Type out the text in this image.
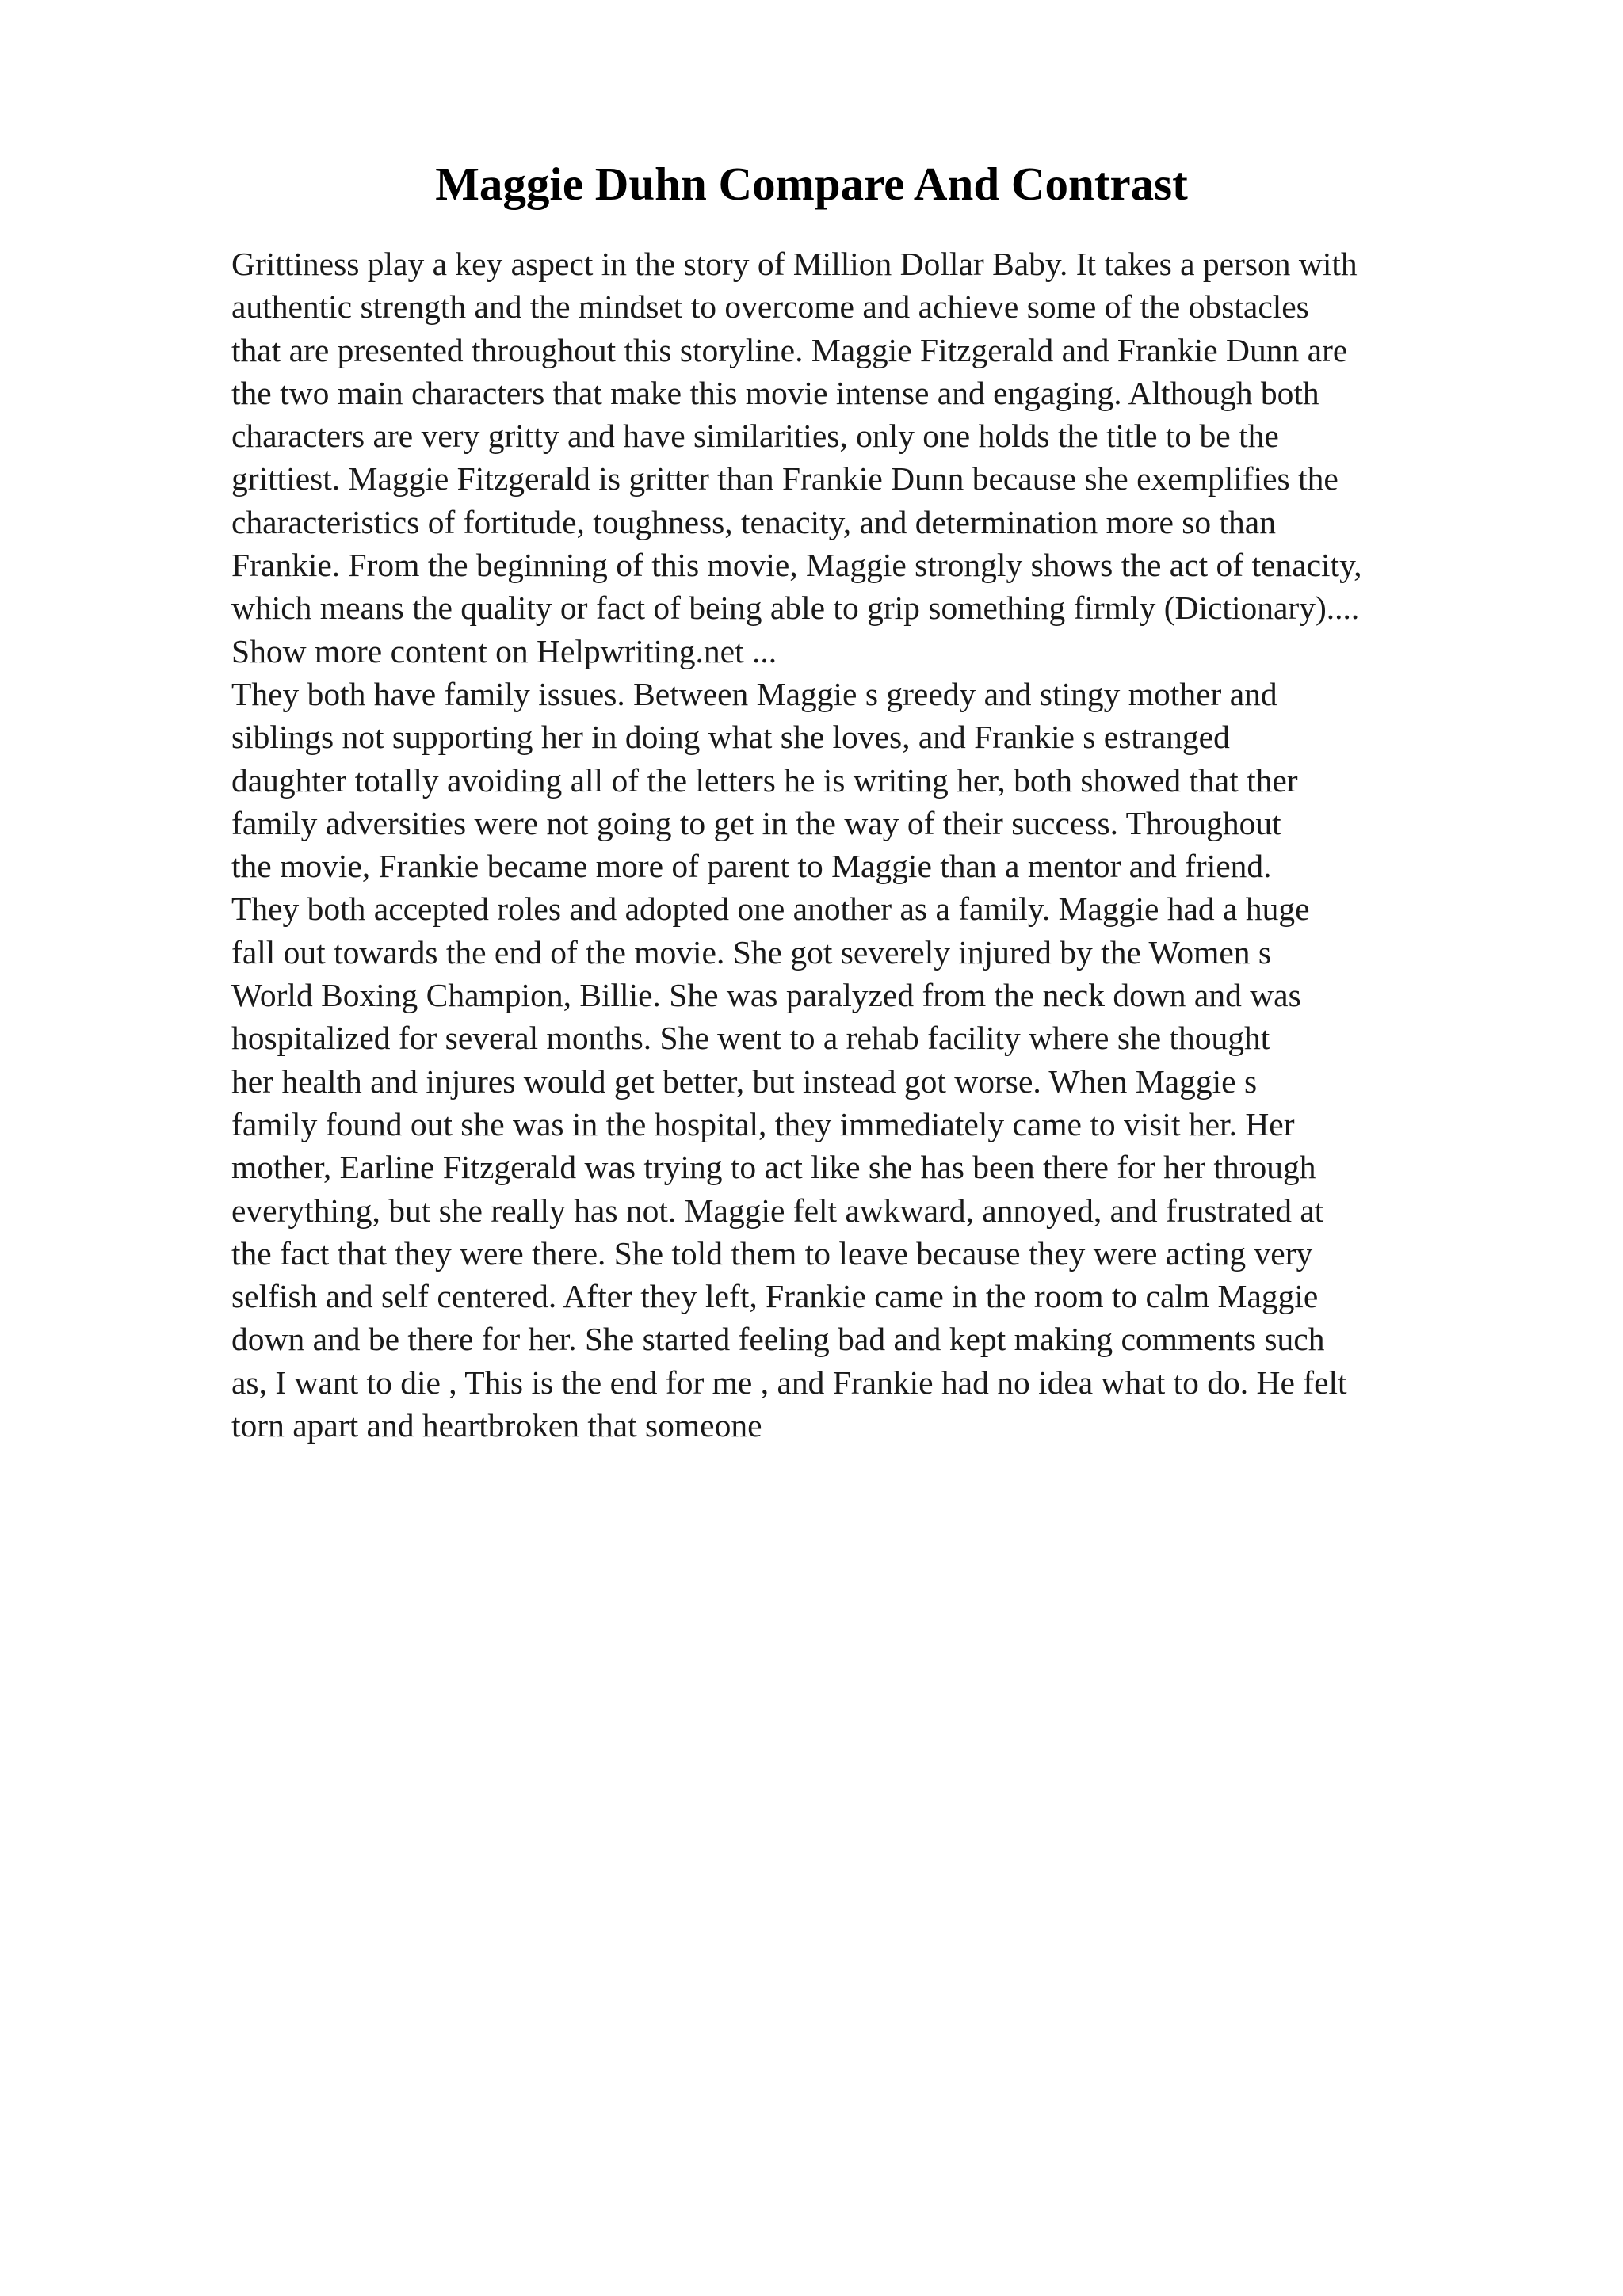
Maggie Duhn Compare And Contrast
Grittiness play a key aspect in the story of Million Dollar Baby. It takes a person with
authentic strength and the mindset to overcome and achieve some of the obstacles
that are presented throughout this storyline. Maggie Fitzgerald and Frankie Dunn are
the two main characters that make this movie intense and engaging. Although both
characters are very gritty and have similarities, only one holds the title to be the
grittiest. Maggie Fitzgerald is gritter than Frankie Dunn because she exemplifies the
characteristics of fortitude, toughness, tenacity, and determination more so than
Frankie. From the beginning of this movie, Maggie strongly shows the act of tenacity,
which means the quality or fact of being able to grip something firmly (Dictionary)....
Show more content on Helpwriting.net ...
They both have family issues. Between Maggie s greedy and stingy mother and
siblings not supporting her in doing what she loves, and Frankie s estranged
daughter totally avoiding all of the letters he is writing her, both showed that ther
family adversities were not going to get in the way of their success. Throughout
the movie, Frankie became more of parent to Maggie than a mentor and friend.
They both accepted roles and adopted one another as a family. Maggie had a huge
fall out towards the end of the movie. She got severely injured by the Women s
World Boxing Champion, Billie. She was paralyzed from the neck down and was
hospitalized for several months. She went to a rehab facility where she thought
her health and injures would get better, but instead got worse. When Maggie s
family found out she was in the hospital, they immediately came to visit her. Her
mother, Earline Fitzgerald was trying to act like she has been there for her through
everything, but she really has not. Maggie felt awkward, annoyed, and frustrated at
the fact that they were there. She told them to leave because they were acting very
selfish and self centered. After they left, Frankie came in the room to calm Maggie
down and be there for her. She started feeling bad and kept making comments such
as, I want to die , This is the end for me , and Frankie had no idea what to do. He felt
torn apart and heartbroken that someone
